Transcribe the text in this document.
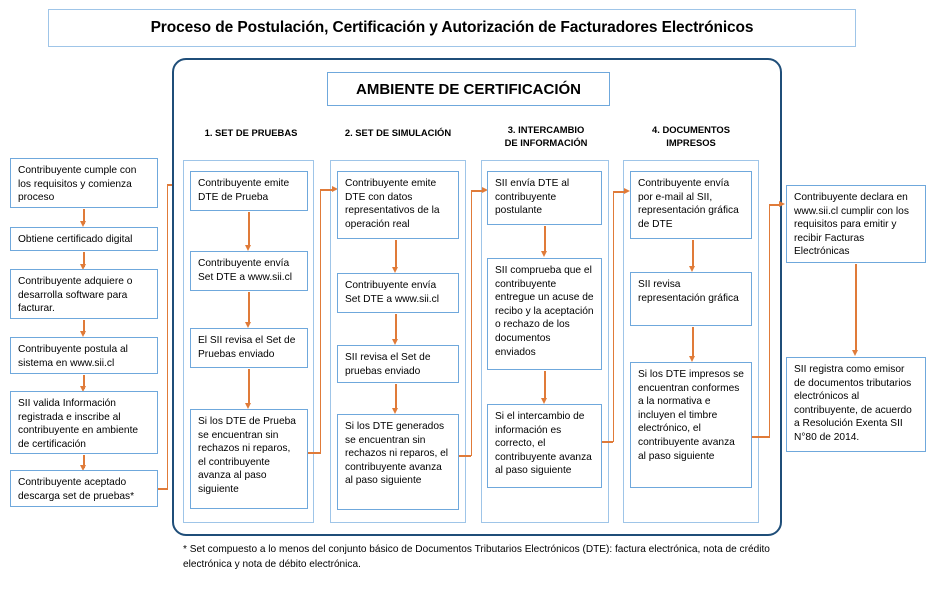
Proceso de Postulación, Certificación y Autorización de Facturadores Electrónicos
Contribuyente cumple con los requisitos y comienza proceso
Obtiene certificado digital
Contribuyente adquiere o desarrolla software para facturar.
Contribuyente postula al sistema en www.sii.cl
SII valida Información registrada e inscribe al contribuyente en ambiente de certificación
Contribuyente aceptado descarga set de pruebas*
AMBIENTE DE CERTIFICACIÓN
1. SET DE PRUEBAS	2. SET DE SIMULACIÓN	3. INTERCAMBIO
DE INFORMACIÓN
4. DOCUMENTOS
IMPRESOS
Contribuyente emite DTE de Prueba
Contribuyente envía Set DTE a www.sii.cl
El SII revisa el Set de Pruebas enviado
Si los DTE de Prueba se encuentran sin rechazos ni reparos, el contribuyente avanza al paso siguiente
Contribuyente emite DTE con datos representativos de la operación real
Contribuyente envía Set DTE a www.sii.cl
SII revisa el Set de pruebas enviado
Si los DTE generados se encuentran sin rechazos ni reparos, el contribuyente avanza al paso siguiente
SII envía DTE al contribuyente postulante
SII comprueba que el contribuyente entregue un acuse de recibo y la aceptación o rechazo de los documentos enviados
Si el intercambio de información es correcto, el contribuyente avanza al paso siguiente
Contribuyente envía por e-mail al SII, representación gráfica de DTE
SII revisa representación gráfica
Si los DTE impresos se encuentran conformes a la normativa e incluyen el timbre electrónico, el contribuyente avanza al paso siguiente
Contribuyente declara en www.sii.cl cumplir con los requisitos para emitir y recibir Facturas Electrónicas
SII registra como emisor de documentos tributarios electrónicos al contribuyente, de acuerdo a Resolución Exenta SII N°80 de 2014.
* Set compuesto a lo menos del conjunto básico de Documentos Tributarios Electrónicos (DTE): factura electrónica, nota de crédito electrónica y nota de débito electrónica.
